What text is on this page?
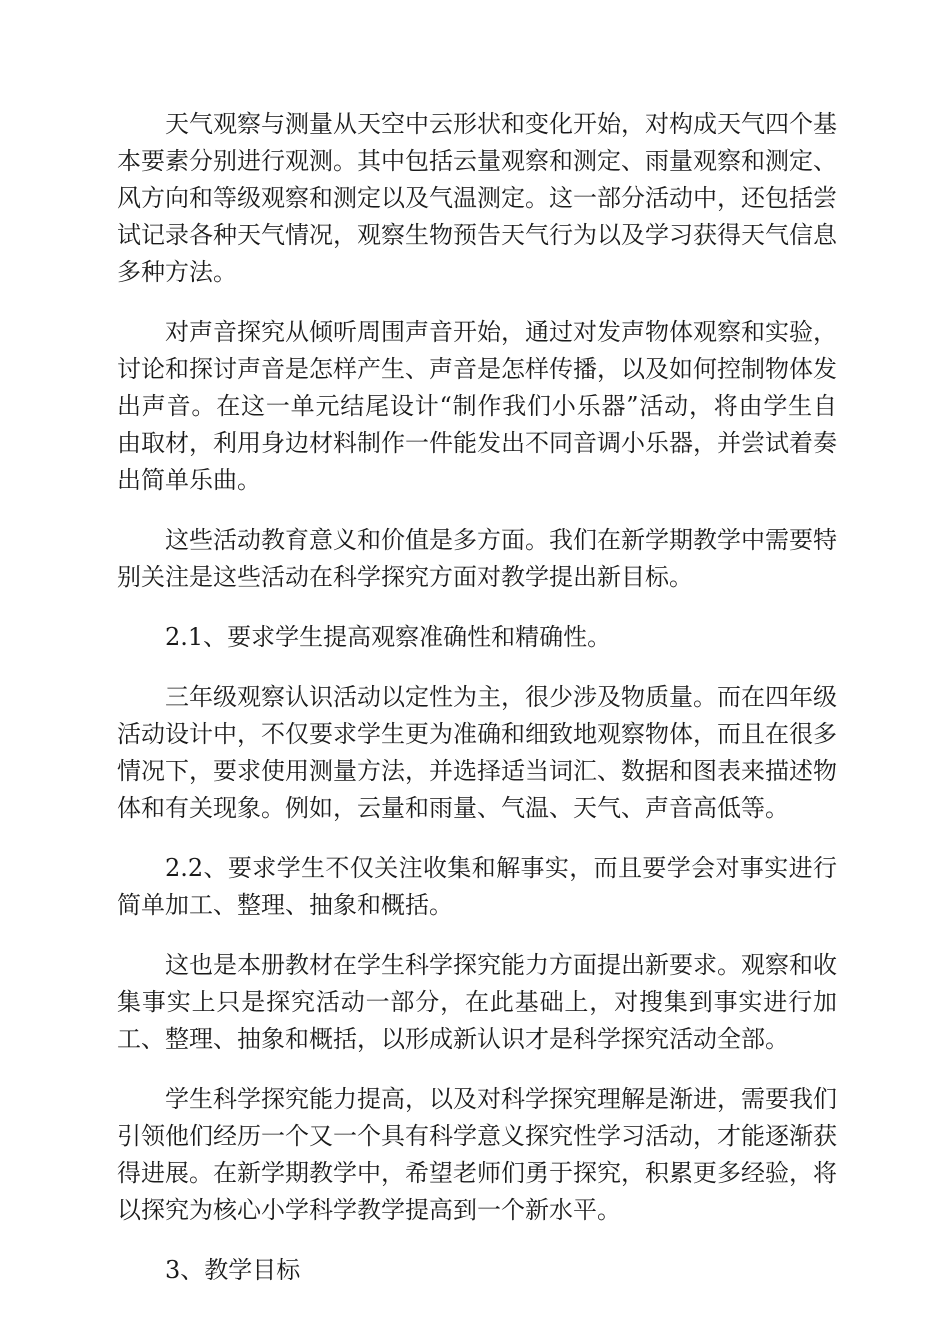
天气观察与测量从天空中云形状和变化开始，对构成天气四个基本要素分别进行观测。其中包括云量观察和测定、雨量观察和测定、风方向和等级观察和测定以及气温测定。这一部分活动中，还包括尝试记录各种天气情况，观察生物预告天气行为以及学习获得天气信息多种方法。

对声音探究从倾听周围声音开始，通过对发声物体观察和实验，讨论和探讨声音是怎样产生、声音是怎样传播，以及如何控制物体发出声音。在这一单元结尾设计“制作我们小乐器”活动，将由学生自由取材，利用身边材料制作一件能发出不同音调小乐器，并尝试着奏出简单乐曲。

这些活动教育意义和价值是多方面。我们在新学期教学中需要特别关注是这些活动在科学探究方面对教学提出新目标。

2.1、要求学生提高观察准确性和精确性。

三年级观察认识活动以定性为主，很少涉及物质量。而在四年级活动设计中，不仅要求学生更为准确和细致地观察物体，而且在很多情况下，要求使用测量方法，并选择适当词汇、数据和图表来描述物体和有关现象。例如，云量和雨量、气温、天气、声音高低等。

2.2、要求学生不仅关注收集和解事实，而且要学会对事实进行简单加工、整理、抽象和概括。

这也是本册教材在学生科学探究能力方面提出新要求。观察和收集事实上只是探究活动一部分，在此基础上，对搜集到事实进行加工、整理、抽象和概括，以形成新认识才是科学探究活动全部。

学生科学探究能力提高，以及对科学探究理解是渐进，需要我们引领他们经历一个又一个具有科学意义探究性学习活动，才能逐渐获得进展。在新学期教学中，希望老师们勇于探究，积累更多经验，将以探究为核心小学科学教学提高到一个新水平。

3、教学目标
